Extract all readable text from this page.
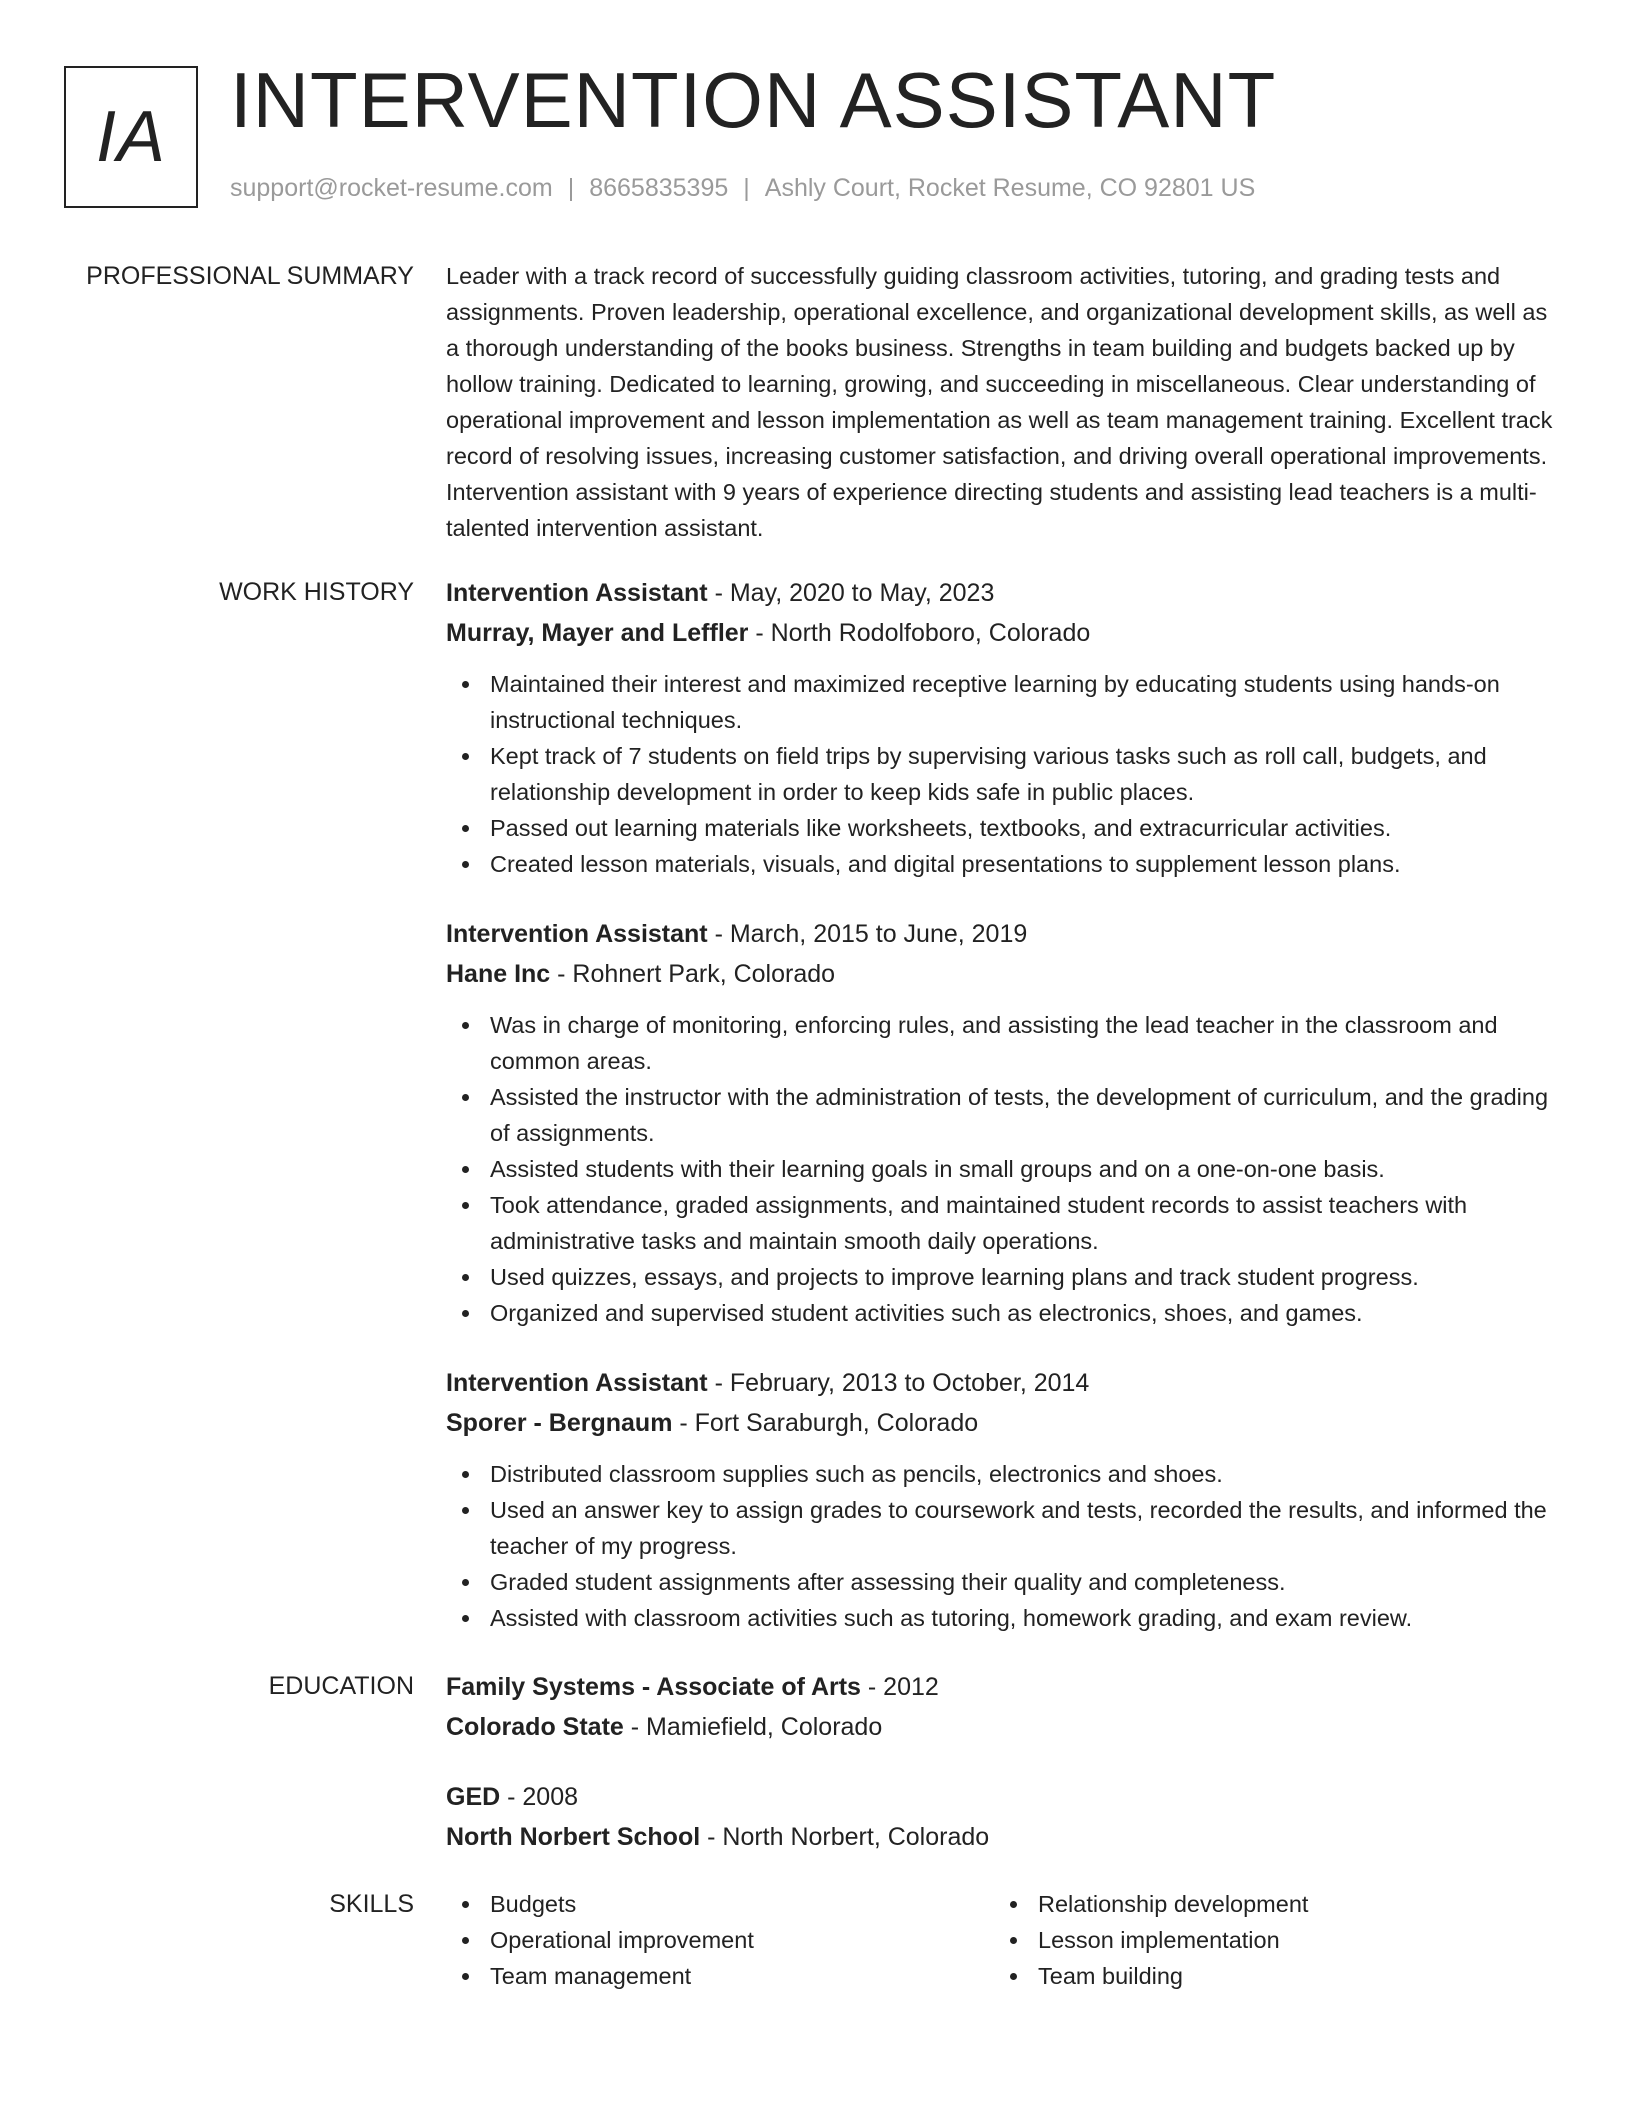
IA INTERVENTION ASSISTANT
support@rocket-resume.com | 8665835395 | Ashly Court, Rocket Resume, CO 92801 US
PROFESSIONAL SUMMARY Leader with a track record of successfully guiding classroom activities, tutoring, and grading tests and assignments. Proven leadership, operational excellence, and organizational development skills, as well as a thorough understanding of the books business. Strengths in team building and budgets backed up by hollow training. Dedicated to learning, growing, and succeeding in miscellaneous. Clear understanding of operational improvement and lesson implementation as well as team management training. Excellent track record of resolving issues, increasing customer satisfaction, and driving overall operational improvements. Intervention assistant with 9 years of experience directing students and assisting lead teachers is a multi-talented intervention assistant.

WORK HISTORY Intervention Assistant - May, 2020 to May, 2023
Murray, Mayer and Leffler - North Rodolfoboro, Colorado
Maintained their interest and maximized receptive learning by educating students using hands-on instructional techniques.
Kept track of 7 students on field trips by supervising various tasks such as roll call, budgets, and relationship development in order to keep kids safe in public places.
Passed out learning materials like worksheets, textbooks, and extracurricular activities.
Created lesson materials, visuals, and digital presentations to supplement lesson plans.
Intervention Assistant - March, 2015 to June, 2019
Hane Inc - Rohnert Park, Colorado
Was in charge of monitoring, enforcing rules, and assisting the lead teacher in the classroom and common areas.
Assisted the instructor with the administration of tests, the development of curriculum, and the grading of assignments.
Assisted students with their learning goals in small groups and on a one-on-one basis.
Took attendance, graded assignments, and maintained student records to assist teachers with administrative tasks and maintain smooth daily operations.
Used quizzes, essays, and projects to improve learning plans and track student progress.
Organized and supervised student activities such as electronics, shoes, and games.
Intervention Assistant - February, 2013 to October, 2014
Sporer - Bergnaum - Fort Saraburgh, Colorado
Distributed classroom supplies such as pencils, electronics and shoes.
Used an answer key to assign grades to coursework and tests, recorded the results, and informed the teacher of my progress.
Graded student assignments after assessing their quality and completeness.
Assisted with classroom activities such as tutoring, homework grading, and exam review.
EDUCATION Family Systems - Associate of Arts - 2012
Colorado State - Mamiefield, Colorado
GED - 2008
North Norbert School - North Norbert, Colorado
SKILLS	Budgets
Operational improvement
Team management
Relationship development
Lesson implementation
Team building
